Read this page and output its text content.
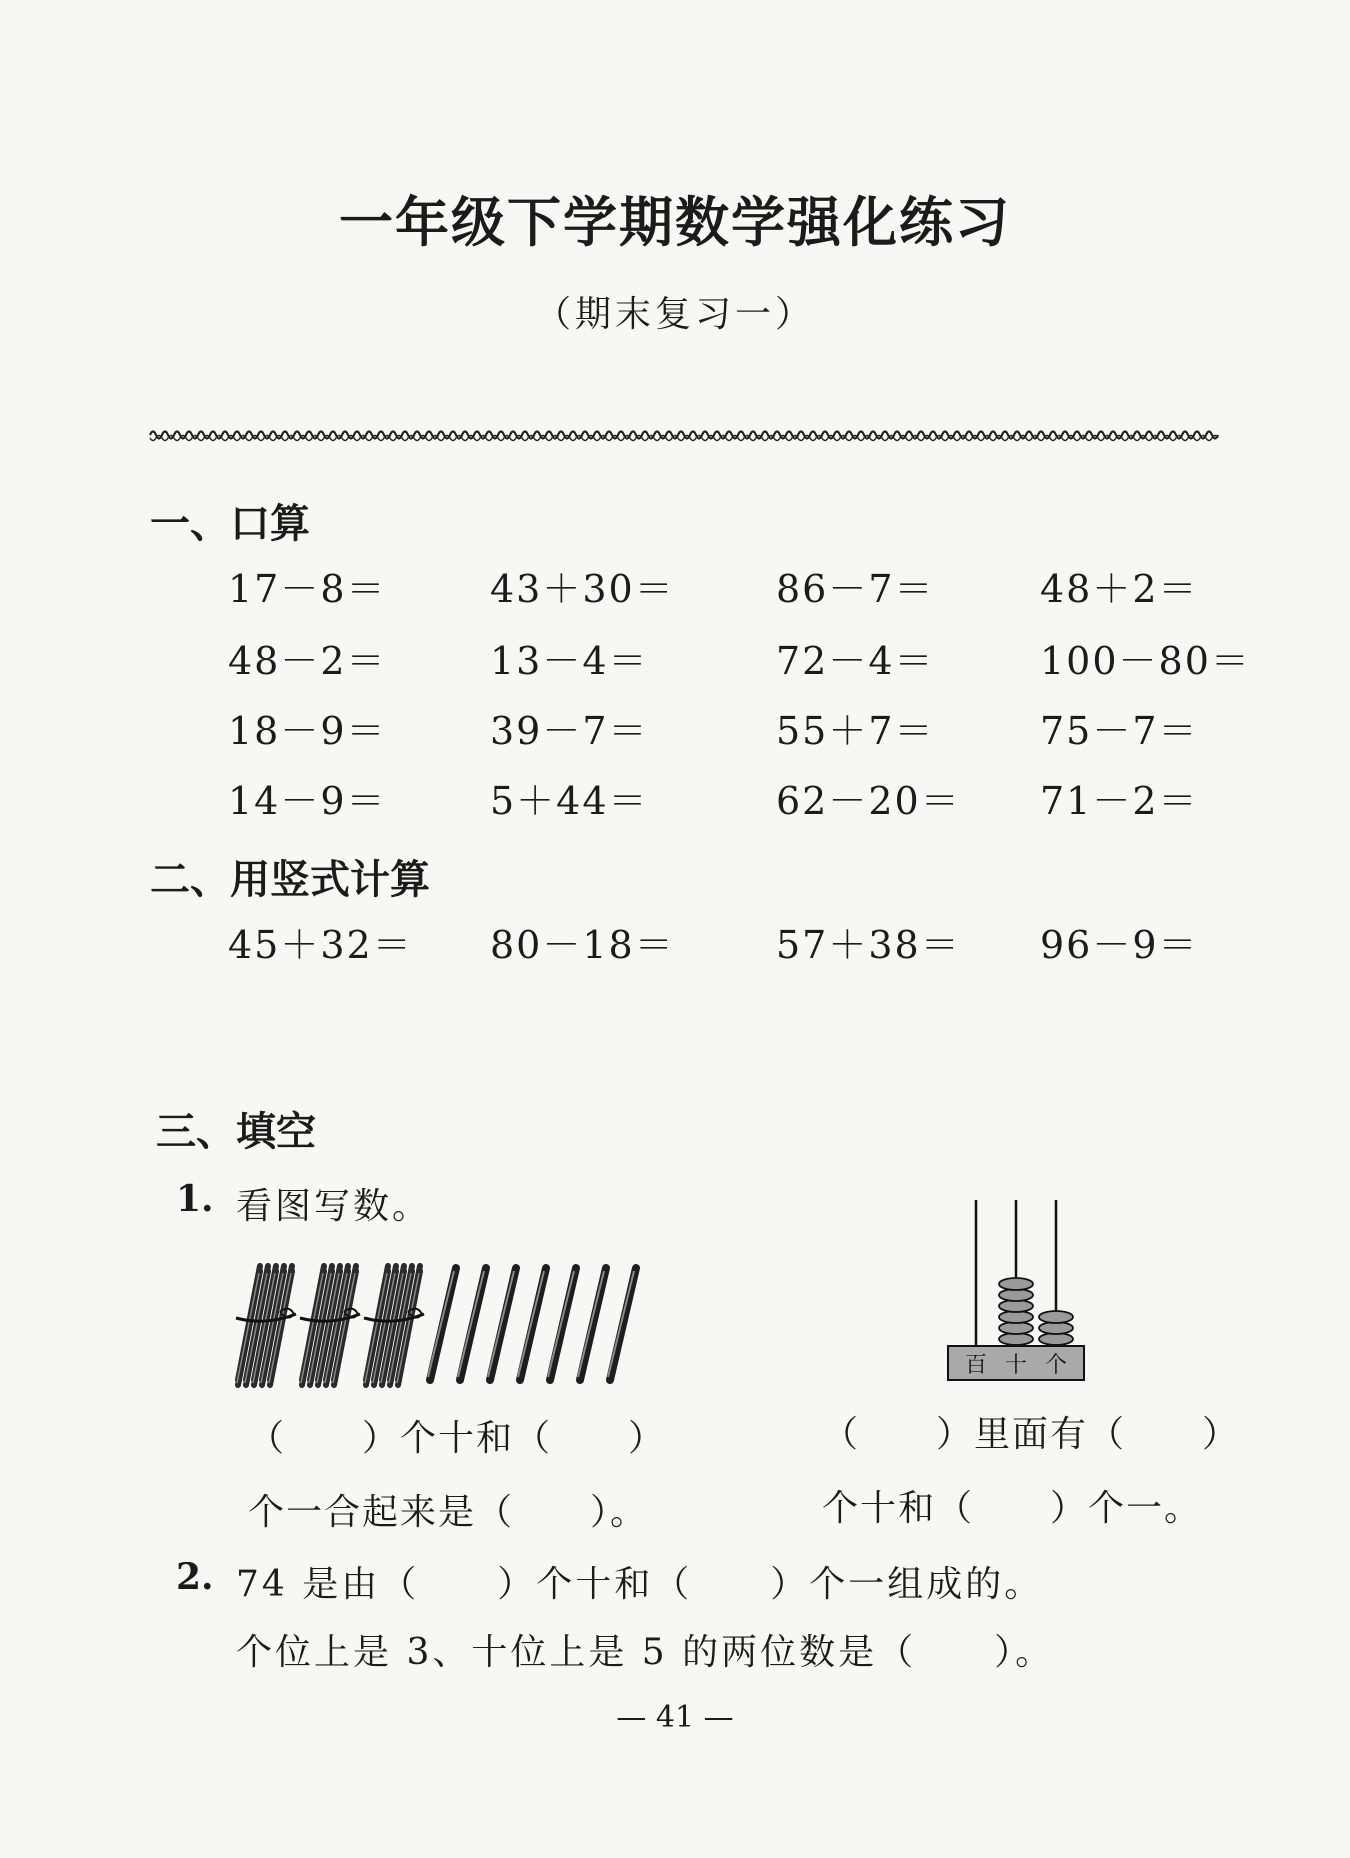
一年级下学期数学强化练习
（期末复习一）
一、口算
17－8＝	43＋30＝	86－7＝	48＋2＝
48－2＝	13－4＝	72－4＝	100－80＝
18－9＝	39－7＝	55＋7＝	75－7＝
14－9＝	5＋44＝	62－20＝ 71－2＝
二、用竖式计算
45＋32＝ 80－18＝	57＋38＝ 96－9＝
三、填空
1. 看图写数。
百 十 个
（　　）个十和（　　）
个一合起来是（　　）。
（　　）里面有（　　）
个十和（　　）个一。
2. 74 是由（　　）个十和（　　）个一组成的。
个位上是 3、十位上是 5 的两位数是（　　）。
— 41 —
